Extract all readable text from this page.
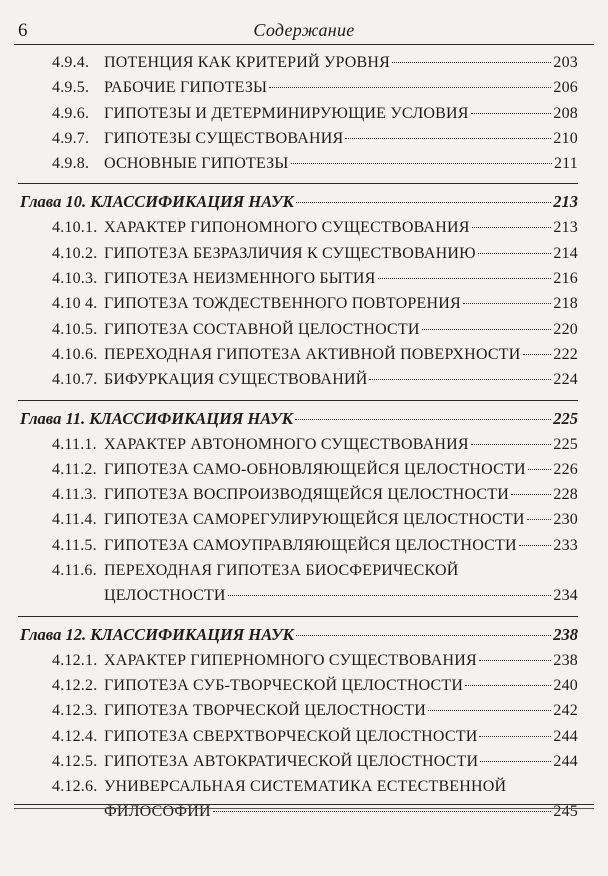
6	Содержание
4.9.4. ПОТЕНЦИЯ КАК КРИТЕРИЙ УРОВНЯ	203
4.9.5. РАБОЧИЕ ГИПОТЕЗЫ	206
4.9.6. ГИПОТЕЗЫ И ДЕТЕРМИНИРУЮЩИЕ УСЛОВИЯ	208
4.9.7. ГИПОТЕЗЫ СУЩЕСТВОВАНИЯ	210
4.9.8. ОСНОВНЫЕ ГИПОТЕЗЫ	211
Глава 10. КЛАССИФИКАЦИЯ НАУК	213
4.10.1. ХАРАКТЕР ГИПОНОМНОГО СУЩЕСТВОВАНИЯ	213
4.10.2. ГИПОТЕЗА БЕЗРАЗЛИЧИЯ К СУЩЕСТВОВАНИЮ	214
4.10.3. ГИПОТЕЗА НЕИЗМЕННОГО БЫТИЯ	216
4.10 4. ГИПОТЕЗА ТОЖДЕСТВЕННОГО ПОВТОРЕНИЯ	218
4.10.5. ГИПОТЕЗА СОСТАВНОЙ ЦЕЛОСТНОСТИ	220
4.10.6. ПЕРЕХОДНАЯ ГИПОТЕЗА АКТИВНОЙ ПОВЕРХНОСТИ 222
4.10.7. БИФУРКАЦИЯ СУЩЕСТВОВАНИЙ	224
Глава 11. КЛАССИФИКАЦИЯ НАУК	225
4.11.1. ХАРАКТЕР АВТОНОМНОГО СУЩЕСТВОВАНИЯ	225
4.11.2. ГИПОТЕЗА САМО-ОБНОВЛЯЮЩЕЙСЯ ЦЕЛОСТНОСТИ 226
4.11.3. ГИПОТЕЗА ВОСПРОИЗВОДЯЩЕЙСЯ ЦЕЛОСТНОСТИ	228
4.11.4. ГИПОТЕЗА САМОРЕГУЛИРУЮЩЕЙСЯ ЦЕЛОСТНОСТИ 230
4.11.5. ГИПОТЕЗА САМОУПРАВЛЯЮЩЕЙСЯ ЦЕЛОСТНОСТИ 233
4.11.6. ПЕРЕХОДНАЯ ГИПОТЕЗА БИОСФЕРИЧЕСКОЙ
ЦЕЛОСТНОСТИ	234
Глава 12. КЛАССИФИКАЦИЯ НАУК	238
4.12.1. ХАРАКТЕР ГИПЕРНОМНОГО СУЩЕСТВОВАНИЯ	238
4.12.2. ГИПОТЕЗА СУБ-ТВОРЧЕСКОЙ ЦЕЛОСТНОСТИ	240
4.12.3. ГИПОТЕЗА ТВОРЧЕСКОЙ ЦЕЛОСТНОСТИ	242
4.12.4. ГИПОТЕЗА СВЕРХТВОРЧЕСКОЙ ЦЕЛОСТНОСТИ	244
4.12.5. ГИПОТЕЗА АВТОКРАТИЧЕСКОЙ ЦЕЛОСТНОСТИ	244
4.12.6. УНИВЕРСАЛЬНАЯ СИСТЕМАТИКА ЕСТЕСТВЕННОЙ
ФИЛОСОФИИ	245
